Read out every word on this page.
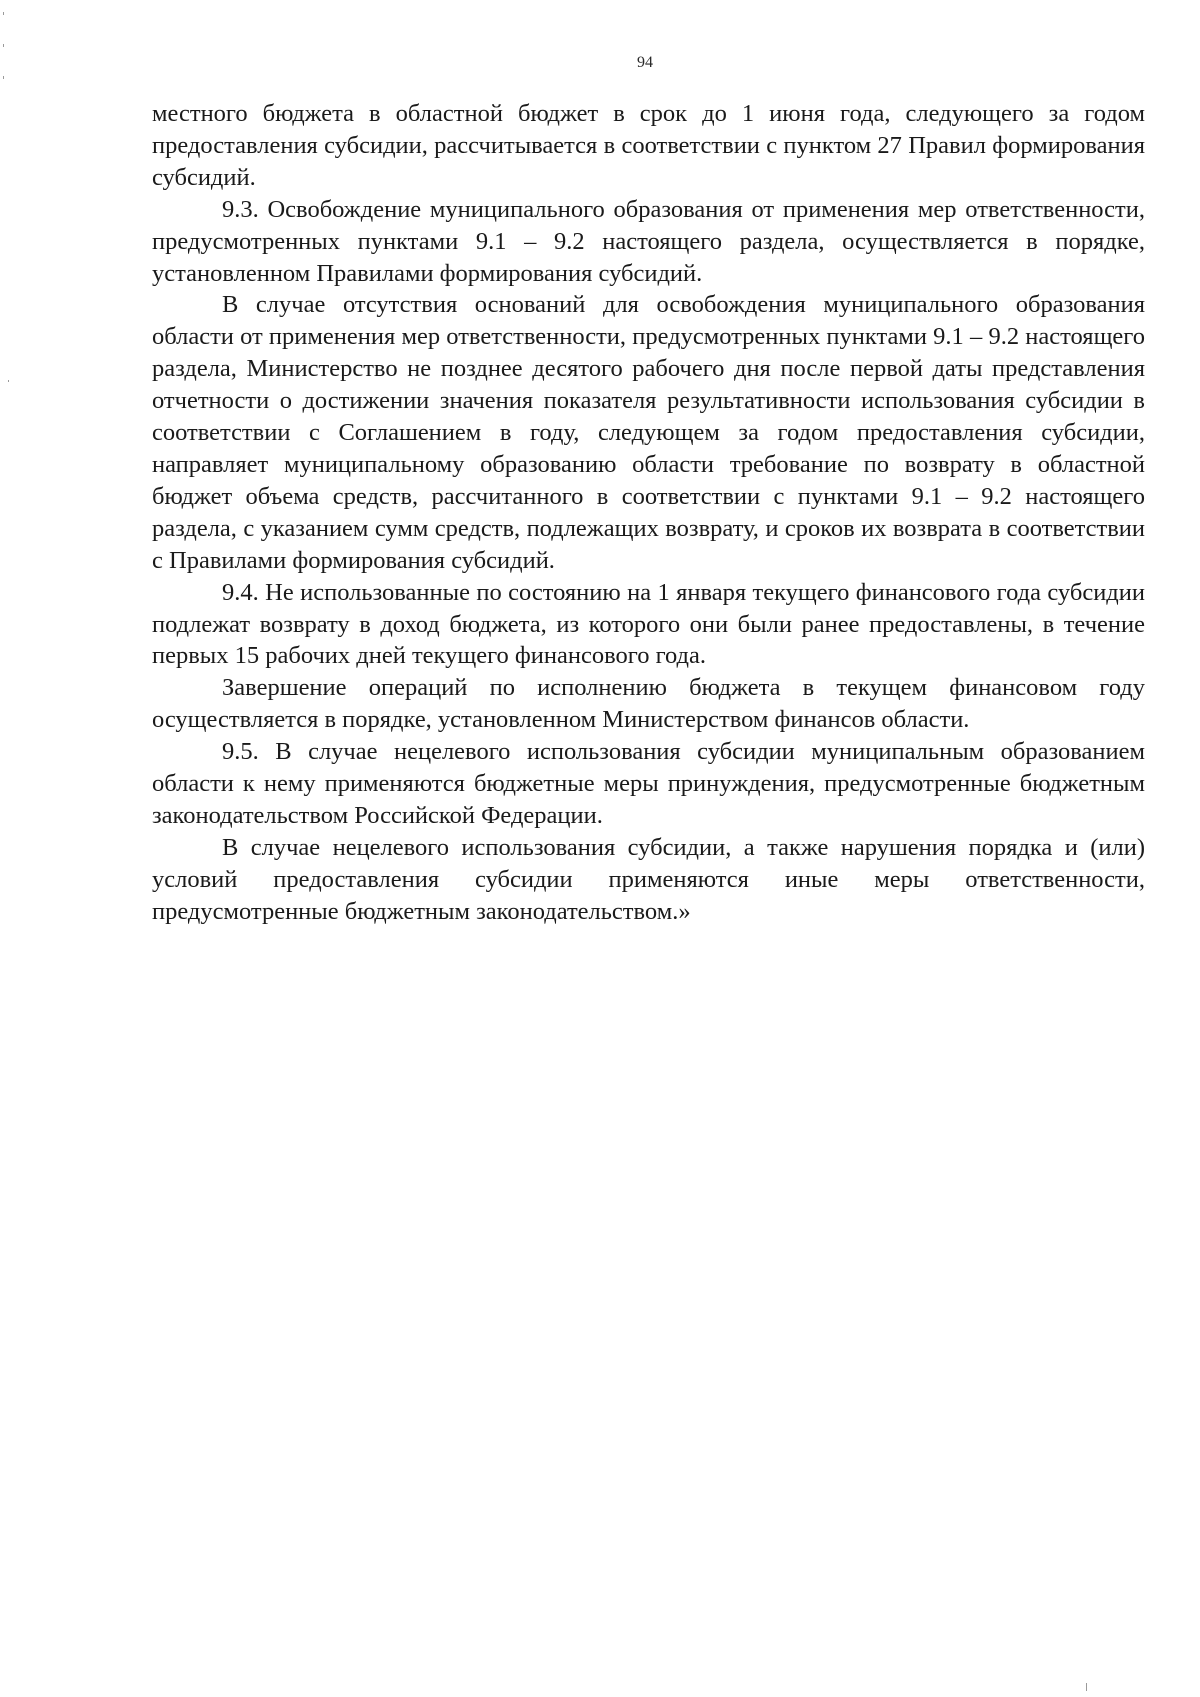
94

местного бюджета в областной бюджет в срок до 1 июня года, следующего за годом предоставления субсидии, рассчитывается в соответствии с пунктом 27 Правил формирования субсидий.

9.3. Освобождение муниципального образования от применения мер ответственности, предусмотренных пунктами 9.1 – 9.2 настоящего раздела, осуществляется в порядке, установленном Правилами формирования субсидий.

В случае отсутствия оснований для освобождения муниципального образования области от применения мер ответственности, предусмотренных пунктами 9.1 – 9.2 настоящего раздела, Министерство не позднее десятого рабочего дня после первой даты представления отчетности о достижении значения показателя результативности использования субсидии в соответствии с Соглашением в году, следующем за годом предоставления субсидии, направляет муниципальному образованию области требование по возврату в областной бюджет объема средств, рассчитанного в соответствии с пунктами 9.1 – 9.2 настоящего раздела, с указанием сумм средств, подлежащих возврату, и сроков их возврата в соответствии с Правилами формирования субсидий.

9.4. Не использованные по состоянию на 1 января текущего финансового года субсидии подлежат возврату в доход бюджета, из которого они были ранее предоставлены, в течение первых 15 рабочих дней текущего финансового года.

Завершение операций по исполнению бюджета в текущем финансовом году осуществляется в порядке, установленном Министерством финансов области.

9.5. В случае нецелевого использования субсидии муниципальным образованием области к нему применяются бюджетные меры принуждения, предусмотренные бюджетным законодательством Российской Федерации.

В случае нецелевого использования субсидии, а также нарушения порядка и (или) условий предоставления субсидии применяются иные меры ответственности, предусмотренные бюджетным законодательством.»
